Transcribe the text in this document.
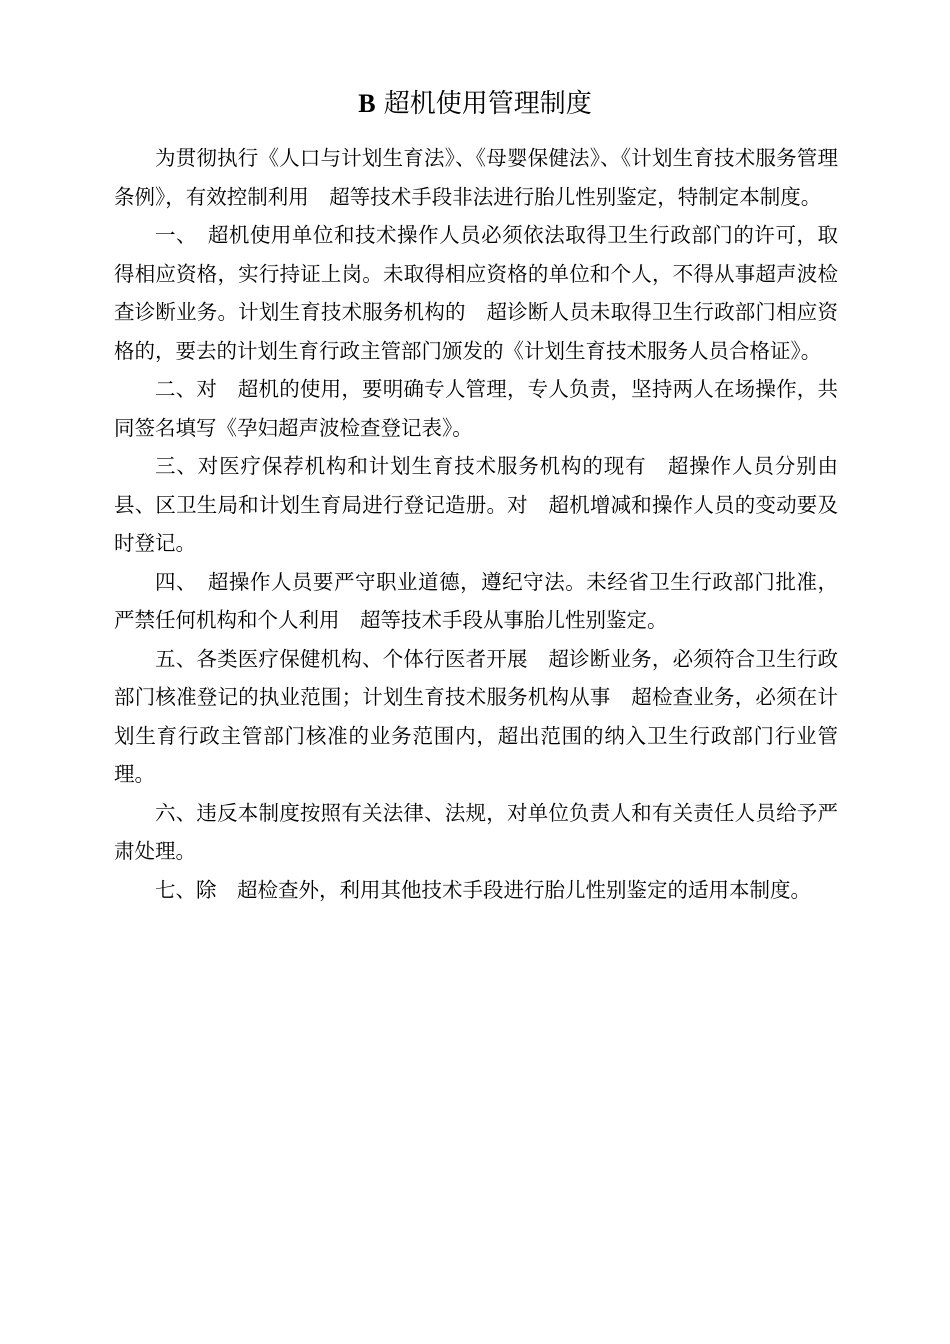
B 超机使用管理制度

为贯彻执行《人口与计划生育法》、《母婴保健法》、《计划生育技术服务管理条例》，有效控制利用　超等技术手段非法进行胎儿性别鉴定，特制定本制度。

一、　超机使用单位和技术操作人员必须依法取得卫生行政部门的许可，取得相应资格，实行持证上岗。未取得相应资格的单位和个人，不得从事超声波检查诊断业务。计划生育技术服务机构的　超诊断人员未取得卫生行政部门相应资格的，要去的计划生育行政主管部门颁发的《计划生育技术服务人员合格证》。

二、对　超机的使用，要明确专人管理，专人负责，坚持两人在场操作，共同签名填写《孕妇超声波检查登记表》。

三、对医疗保荐机构和计划生育技术服务机构的现有　超操作人员分别由县、区卫生局和计划生育局进行登记造册。对　超机增减和操作人员的变动要及时登记。

四、　超操作人员要严守职业道德，遵纪守法。未经省卫生行政部门批准，严禁任何机构和个人利用　超等技术手段从事胎儿性别鉴定。

五、各类医疗保健机构、个体行医者开展　超诊断业务，必须符合卫生行政部门核准登记的执业范围；计划生育技术服务机构从事　超检查业务，必须在计划生育行政主管部门核准的业务范围内，超出范围的纳入卫生行政部门行业管理。

六、违反本制度按照有关法律、法规，对单位负责人和有关责任人员给予严肃处理。

七、除　超检查外，利用其他技术手段进行胎儿性别鉴定的适用本制度。
